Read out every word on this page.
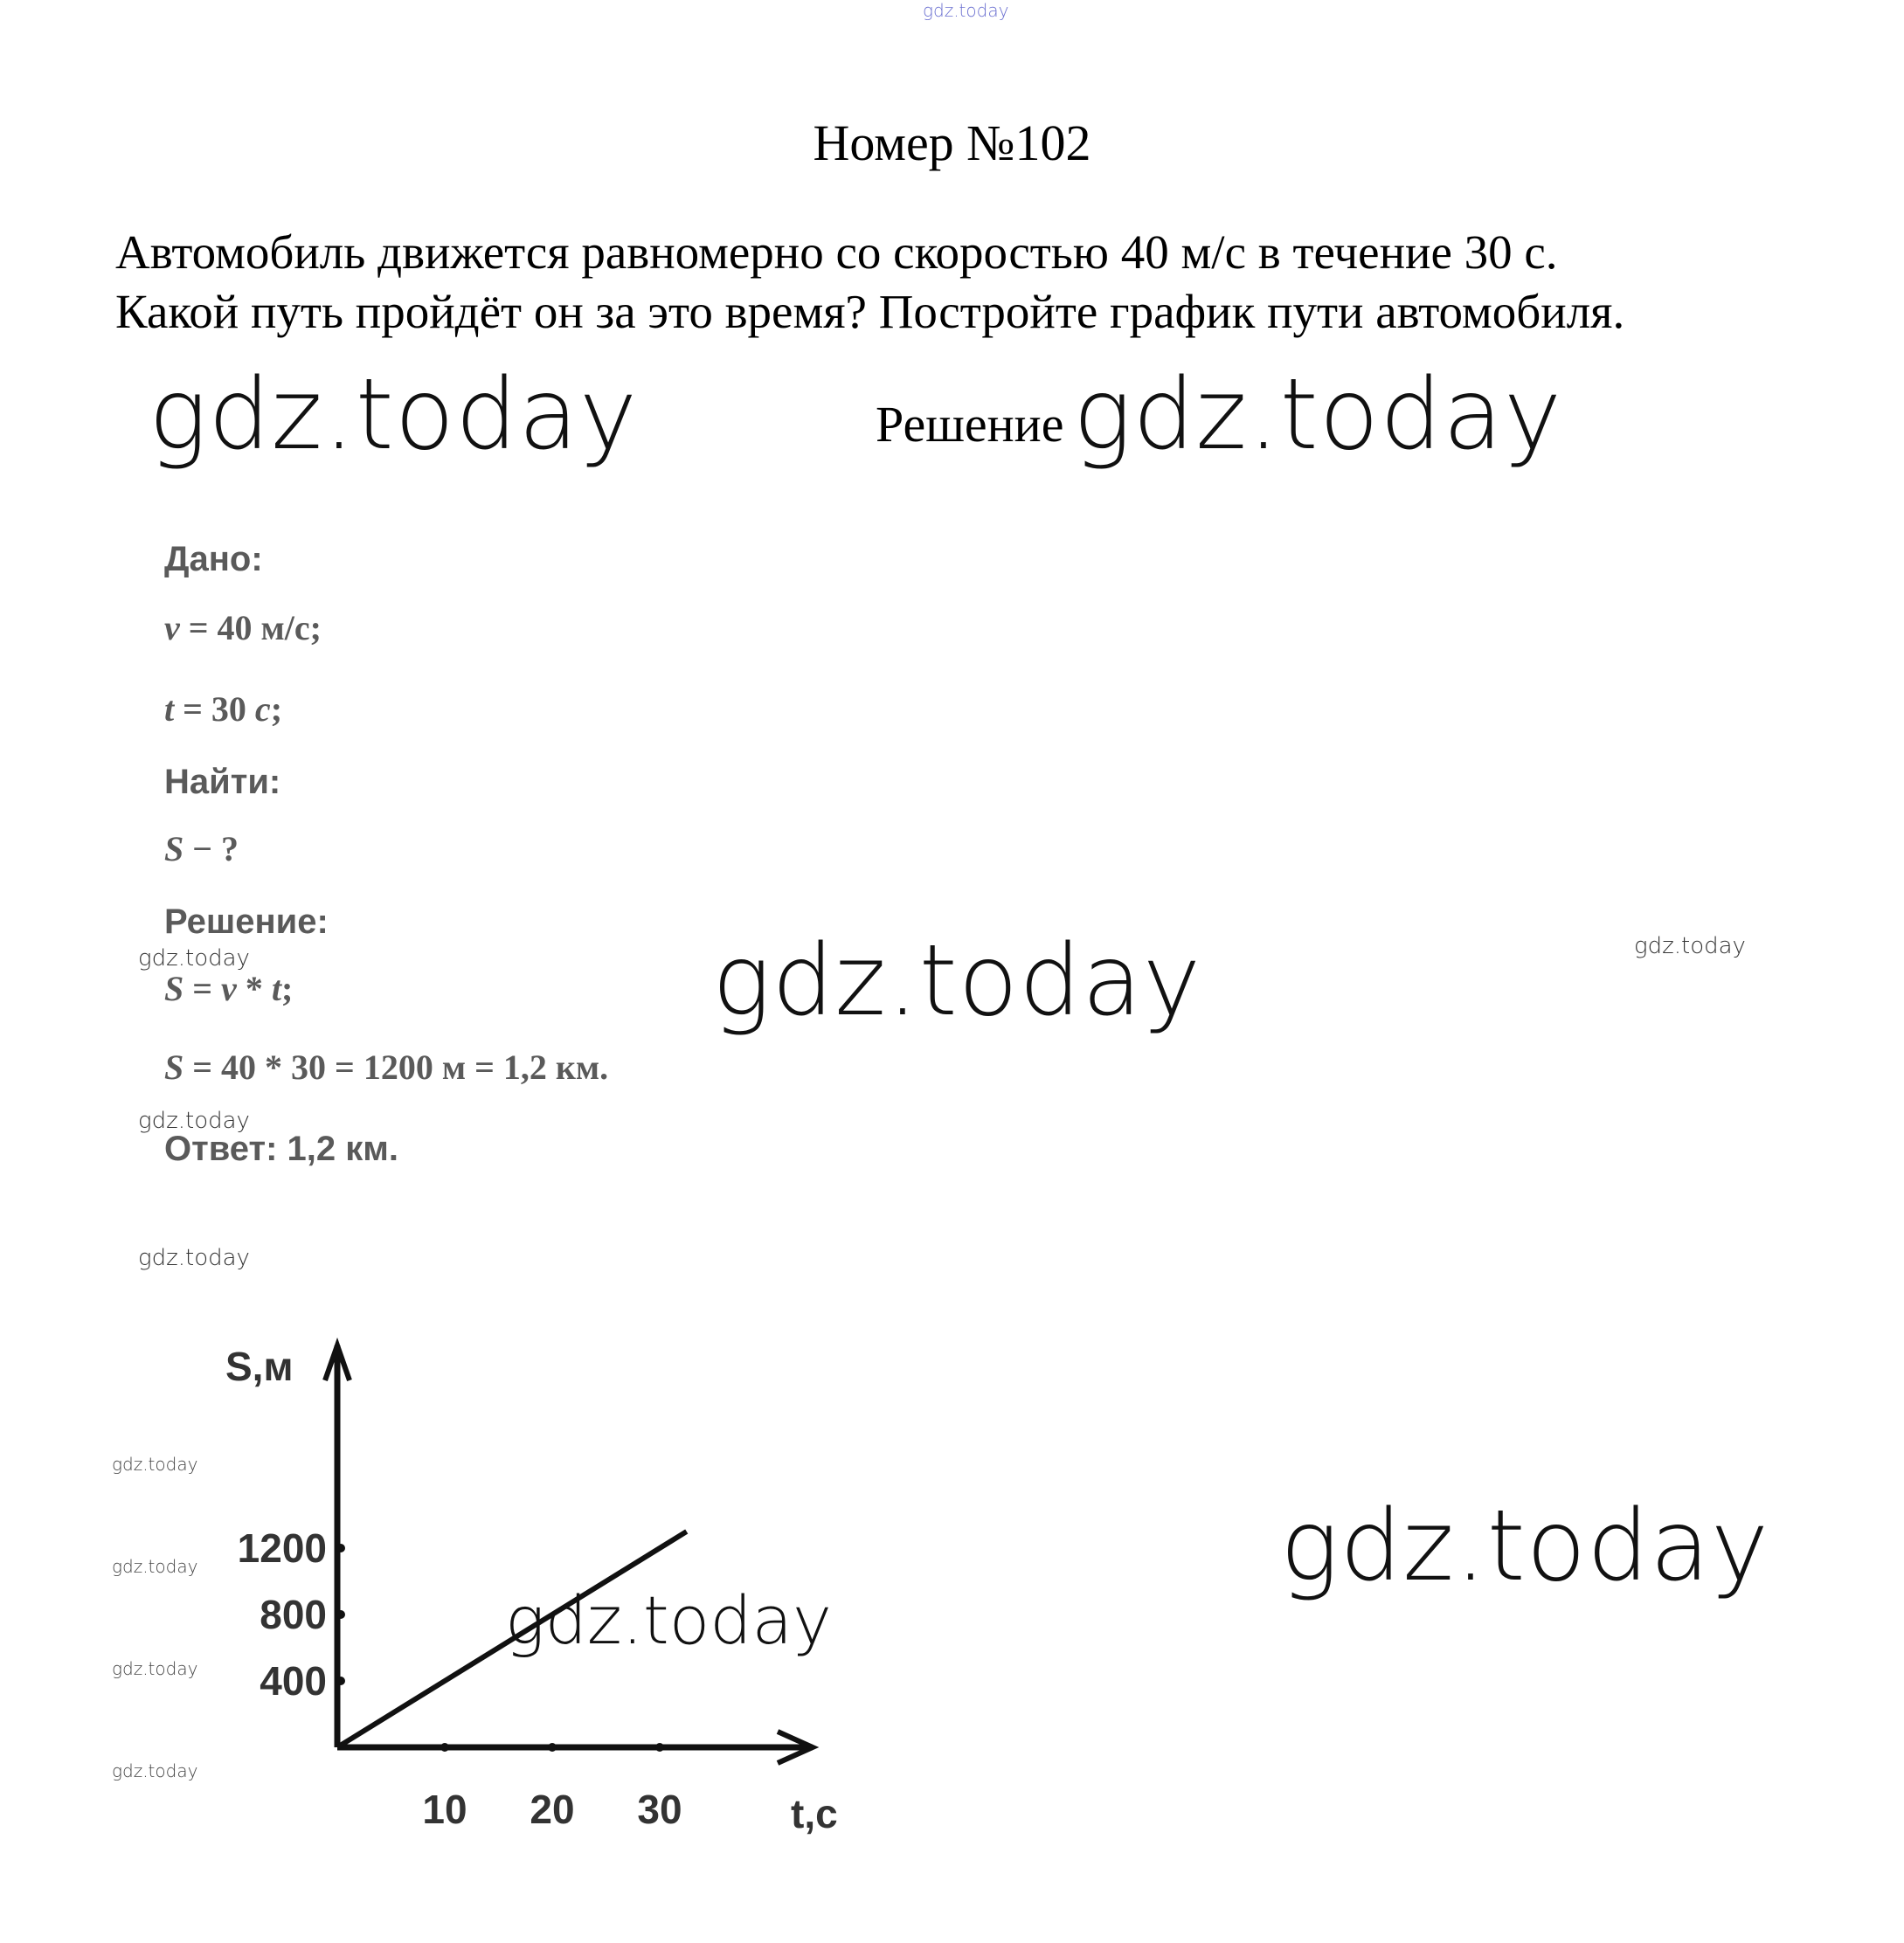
gdz.today
Номер №102
Автомобиль движется равномерно со скоростью 40 м/с в течение 30 с.
Какой путь пройдёт он за это время? Постройте график пути автомобиля.
gdz.today	Решение gdz.today
Дано:
v = 40 м/с;
t = 30 c;
Найти:
S − ?
Решение:
gdz.today
S = v * t;
S = 40 * 30 = 1200 м = 1,2 км.
gdz.today
Ответ: 1,2 км.
gdz.today	gdz.today
gdz.today
gdz.today
gdz.today
gdz.today
gdz.today
S,м
t,c
400
800
1200
10 20 30
gdz.today
gdz.today
